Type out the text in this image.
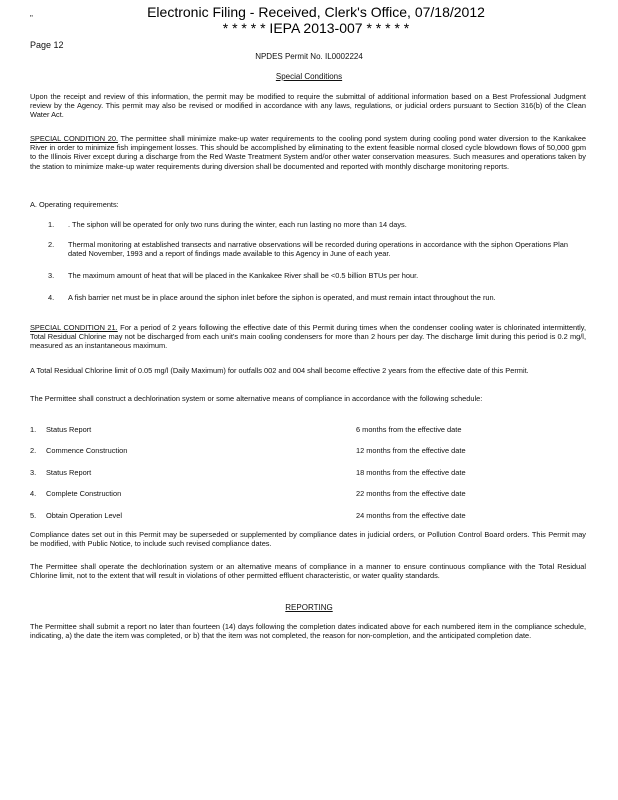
"	Electronic Filing - Received, Clerk's Office, 07/18/2012
* * * * * IEPA 2013-007 * * * * *
Page 12
NPDES Permit No. IL0002224
Special Conditions
Upon the receipt and review of this information, the permit may be modified to require the submittal of additional information based on a Best Professional Judgment review by the Agency. This permit may also be revised or modified in accordance with any laws, regulations, or judicial orders pursuant to Section 316(b) of the Clean Water Act.
SPECIAL CONDITION 20. The permittee shall minimize make-up water requirements to the cooling pond system during cooling pond water diversion to the Kankakee River in order to minimize fish impingement losses. This should be accomplished by eliminating to the extent feasible normal closed cycle blowdown flows of 50,000 gpm to the Illinois River except during a discharge from the Red Waste Treatment System and/or other water conservation measures. Such measures and operations taken by the station to minimize make-up water requirements during diversion shall be documented and reported with monthly discharge monitoring reports.
A. Operating requirements:
1.	. The siphon will be operated for only two runs during the winter, each run lasting no more than 14 days.
2.	Thermal monitoring at established transects and narrative observations will be recorded during operations in accordance with the siphon Operations Plan dated November, 1993 and a report of findings made available to this Agency in June of each year.
3.	The maximum amount of heat that will be placed in the Kankakee River shall be <0.5 billion BTUs per hour.
4.	A fish barrier net must be in place around the siphon inlet before the siphon is operated, and must remain intact throughout the run.
SPECIAL CONDITION 21. For a period of 2 years following the effective date of this Permit during times when the condenser cooling water is chlorinated intermittently, Total Residual Chlorine may not be discharged from each unit's main cooling condensers for more than 2 hours per day. The discharge limit during this period is 0.2 mg/l, measured as an instantaneous maximum.
A Total Residual Chlorine limit of 0.05 mg/l (Daily Maximum) for outfalls 002 and 004 shall become effective 2 years from the effective date of this Permit.
The Permittee shall construct a dechlorination system or some alternative means of compliance in accordance with the following schedule:
1. Status Report	6 months from the effective date
2. Commence Construction	12 months from the effective date
3. Status Report	18 months from the effective date
4. Complete Construction	22 months from the effective date
5. Obtain Operation Level	24 months from the effective date
Compliance dates set out in this Permit may be superseded or supplemented by compliance dates in judicial orders, or Pollution Control Board orders. This Permit may be modified, with Public Notice, to include such revised compliance dates.
The Permittee shall operate the dechlorination system or an alternative means of compliance in a manner to ensure continuous compliance with the Total Residual Chlorine limit, not to the extent that will result in violations of other permitted effluent characteristic, or water quality standards.
REPORTING
The Permittee shall submit a report no later than fourteen (14) days following the completion dates indicated above for each numbered item in the compliance schedule, indicating, a) the date the item was completed, or b) that the item was not completed, the reason for non-completion, and the anticipated completion date.
